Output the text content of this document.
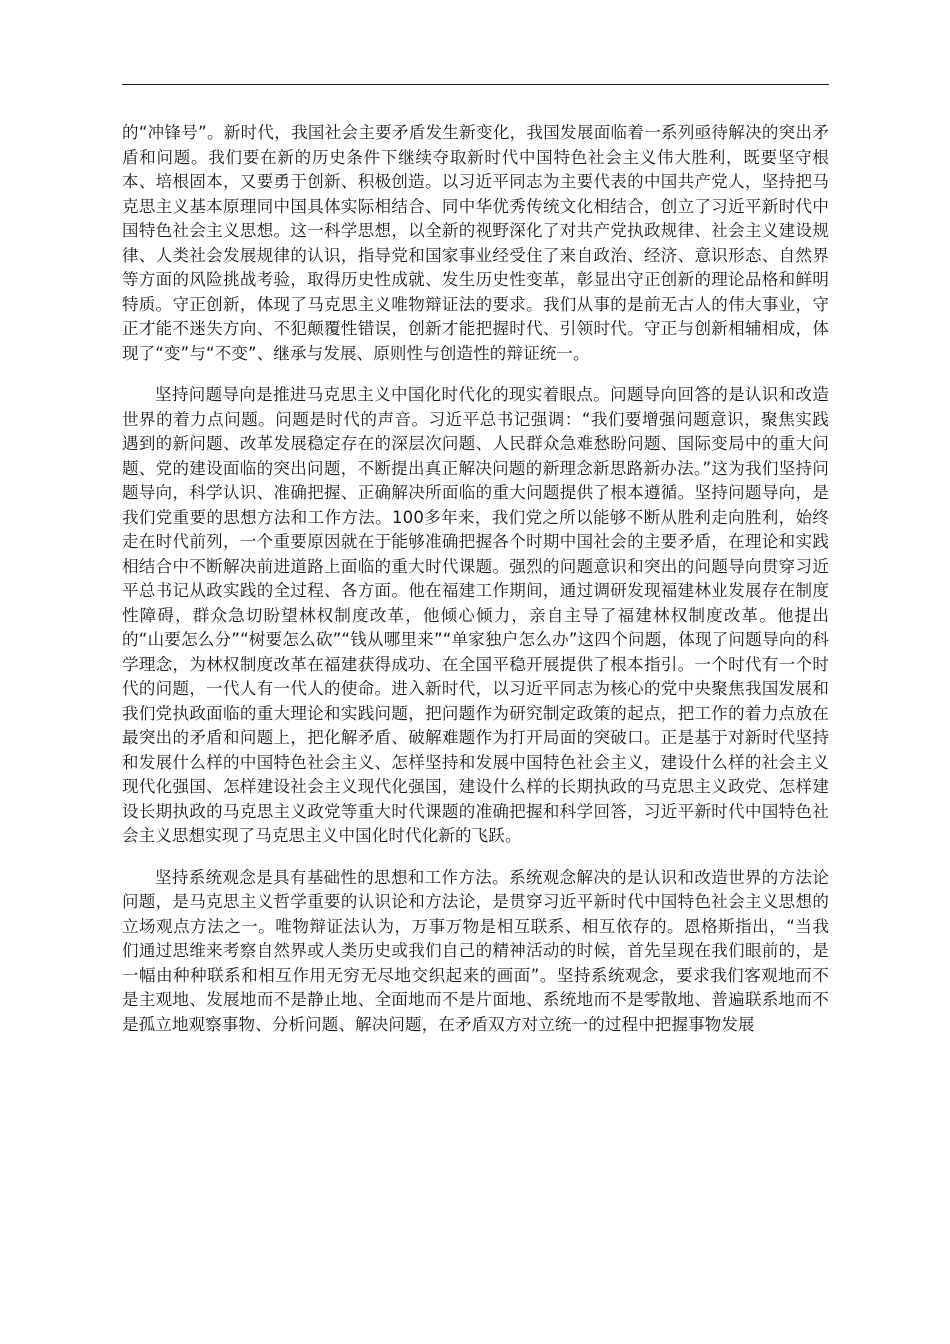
的“冲锋号”。新时代，我国社会主要矛盾发生新变化，我国发展面临着一系列亟待解决的突出矛盾和问题。我们要在新的历史条件下继续夺取新时代中国特色社会主义伟大胜利，既要坚守根本、培根固本，又要勇于创新、积极创造。以习近平同志为主要代表的中国共产党人，坚持把马克思主义基本原理同中国具体实际相结合、同中华优秀传统文化相结合，创立了习近平新时代中国特色社会主义思想。这一科学思想，以全新的视野深化了对共产党执政规律、社会主义建设规律、人类社会发展规律的认识，指导党和国家事业经受住了来自政治、经济、意识形态、自然界等方面的风险挑战考验，取得历史性成就、发生历史性变革，彰显出守正创新的理论品格和鲜明特质。守正创新，体现了马克思主义唯物辩证法的要求。我们从事的是前无古人的伟大事业，守正才能不迷失方向、不犯颠覆性错误，创新才能把握时代、引领时代。守正与创新相辅相成，体现了“变”与“不变”、继承与发展、原则性与创造性的辩证统一。

坚持问题导向是推进马克思主义中国化时代化的现实着眼点。问题导向回答的是认识和改造世界的着力点问题。问题是时代的声音。习近平总书记强调：“我们要增强问题意识，聚焦实践遇到的新问题、改革发展稳定存在的深层次问题、人民群众急难愁盼问题、国际变局中的重大问题、党的建设面临的突出问题，不断提出真正解决问题的新理念新思路新办法。”这为我们坚持问题导向，科学认识、准确把握、正确解决所面临的重大问题提供了根本遵循。坚持问题导向，是我们党重要的思想方法和工作方法。100多年来，我们党之所以能够不断从胜利走向胜利，始终走在时代前列，一个重要原因就在于能够准确把握各个时期中国社会的主要矛盾，在理论和实践相结合中不断解决前进道路上面临的重大时代课题。强烈的问题意识和突出的问题导向贯穿习近平总书记从政实践的全过程、各方面。他在福建工作期间，通过调研发现福建林业发展存在制度性障碍，群众急切盼望林权制度改革，他倾心倾力，亲自主导了福建林权制度改革。他提出的“山要怎么分”“树要怎么砍”“钱从哪里来”“单家独户怎么办”这四个问题，体现了问题导向的科学理念，为林权制度改革在福建获得成功、在全国平稳开展提供了根本指引。一个时代有一个时代的问题，一代人有一代人的使命。进入新时代，以习近平同志为核心的党中央聚焦我国发展和我们党执政面临的重大理论和实践问题，把问题作为研究制定政策的起点，把工作的着力点放在最突出的矛盾和问题上，把化解矛盾、破解难题作为打开局面的突破口。正是基于对新时代坚持和发展什么样的中国特色社会主义、怎样坚持和发展中国特色社会主义，建设什么样的社会主义现代化强国、怎样建设社会主义现代化强国，建设什么样的长期执政的马克思主义政党、怎样建设长期执政的马克思主义政党等重大时代课题的准确把握和科学回答，习近平新时代中国特色社会主义思想实现了马克思主义中国化时代化新的飞跃。

坚持系统观念是具有基础性的思想和工作方法。系统观念解决的是认识和改造世界的方法论问题，是马克思主义哲学重要的认识论和方法论，是贯穿习近平新时代中国特色社会主义思想的立场观点方法之一。唯物辩证法认为，万事万物是相互联系、相互依存的。恩格斯指出，“当我们通过思维来考察自然界或人类历史或我们自己的精神活动的时候，首先呈现在我们眼前的，是一幅由种种联系和相互作用无穷无尽地交织起来的画面”。坚持系统观念，要求我们客观地而不是主观地、发展地而不是静止地、全面地而不是片面地、系统地而不是零散地、普遍联系地而不是孤立地观察事物、分析问题、解决问题，在矛盾双方对立统一的过程中把握事物发展
